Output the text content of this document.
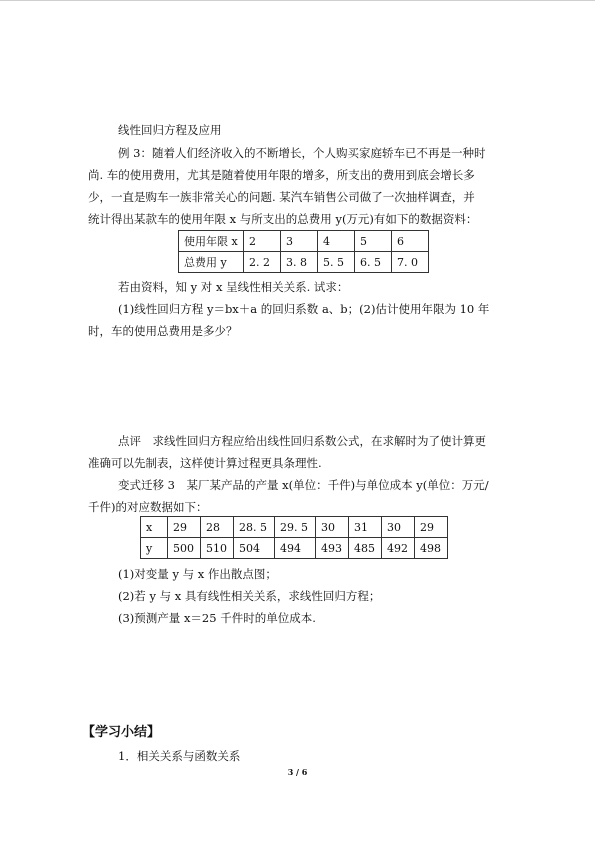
线性回归方程及应用
例 3：随着人们经济收入的不断增长，个人购买家庭轿车已不再是一种时
尚. 车的使用费用，尤其是随着使用年限的增多，所支出的费用到底会增长多
少，一直是购车一族非常关心的问题. 某汽车销售公司做了一次抽样调查，并
统计得出某款车的使用年限 x 与所支出的总费用 y(万元)有如下的数据资料：
使用年限 x	2	3	4	5	6
总费用 y	2. 2	3. 8	5. 5	6. 5	7. 0
若由资料，知 y 对 x 呈线性相关关系. 试求：
(1)线性回归方程 y＝bx＋a 的回归系数 a、b；(2)估计使用年限为 10 年
时，车的使用总费用是多少？
点评　求线性回归方程应给出线性回归系数公式，在求解时为了使计算更
准确可以先制表，这样使计算过程更具条理性.
变式迁移 3　某厂某产品的产量 x(单位：千件)与单位成本 y(单位：万元/
千件)的对应数据如下：
x	29	28	28. 5	29. 5	30	31	30	29
y	500	510	504	494	493	485	492	498
(1)对变量 y 与 x 作出散点图；
(2)若 y 与 x 具有线性相关关系，求线性回归方程；
(3)预测产量 x＝25 千件时的单位成本.
【学习小结】
1．相关关系与函数关系
3 / 6
